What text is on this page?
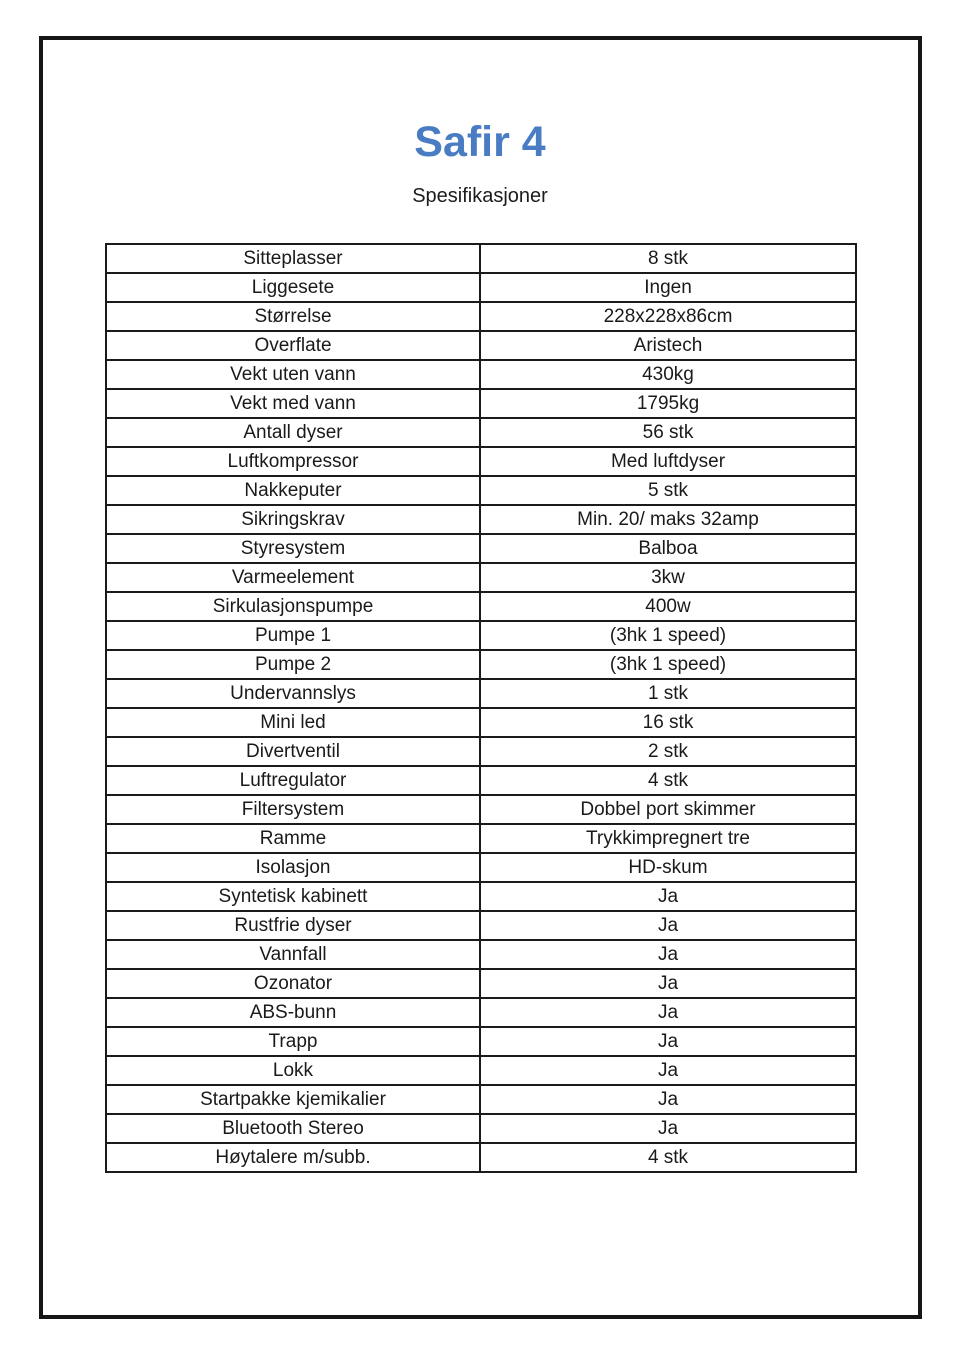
Safir 4
Spesifikasjoner
Sitteplasser	8 stk
Liggesete	Ingen
Størrelse	228x228x86cm
Overflate	Aristech
Vekt uten vann	430kg
Vekt med vann	1795kg
Antall dyser	56 stk
Luftkompressor	Med luftdyser
Nakkeputer	5 stk
Sikringskrav	Min. 20/ maks 32amp
Styresystem	Balboa
Varmeelement	3kw
Sirkulasjonspumpe	400w
Pumpe 1	(3hk 1 speed)
Pumpe 2	(3hk 1 speed)
Undervannslys	1 stk
Mini led	16 stk
Divertventil	2 stk
Luftregulator	4 stk
Filtersystem	Dobbel port skimmer
Ramme	Trykkimpregnert tre
Isolasjon	HD-skum
Syntetisk kabinett	Ja
Rustfrie dyser	Ja
Vannfall	Ja
Ozonator	Ja
ABS-bunn	Ja
Trapp	Ja
Lokk	Ja
Startpakke kjemikalier	Ja
Bluetooth Stereo	Ja
Høytalere m/subb.	4 stk
